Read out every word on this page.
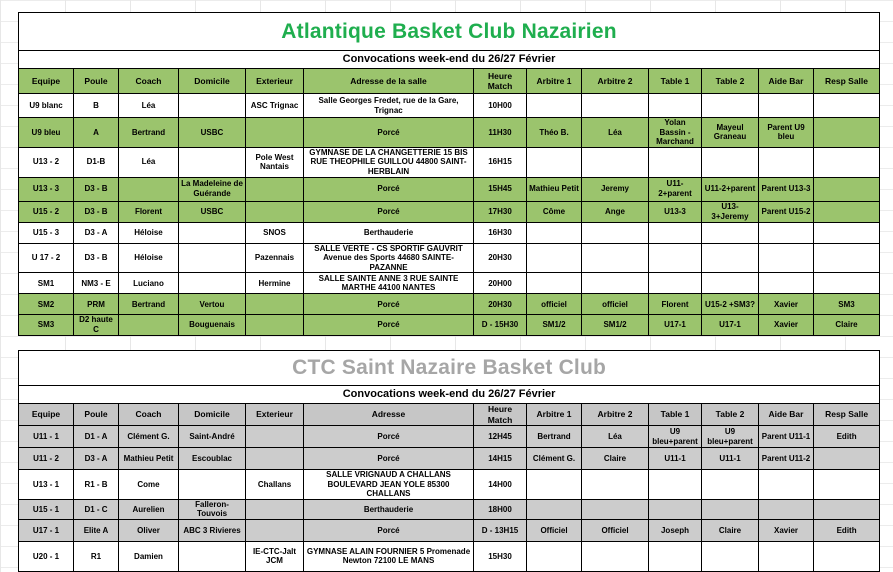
Atlantique Basket Club Nazairien												
Convocations week-end du 26/27 Février												
Equipe	Poule	Coach	Domicile	Exterieur	Adresse de la salle	Heure Match	Arbitre 1	Arbitre 2	Table 1	Table 2	Aide Bar	Resp Salle
U9 blanc	B	Léa		ASC Trignac	Salle Georges Fredet, rue de la Gare, Trignac	10H00						
U9 bleu	A	Bertrand	USBC		Porcé	11H30	Théo B.	Léa	Yolan Bassin - Marchand	Mayeul Graneau	Parent U9 bleu	
U13 - 2	D1-B	Léa		Pole West Nantais	GYMNASE DE LA CHANGETTERIE 15 BIS RUE THEOPHILE GUILLOU 44800 SAINT-HERBLAIN	16H15						
U13 - 3	D3 - B		La Madeleine de Guérande		Porcé	15H45	Mathieu Petit	Jeremy	U11-2+parent	U11-2+parent	Parent U13-3	
U15 - 2	D3 - B	Florent	USBC		Porcé	17H30	Côme	Ange	U13-3	U13-3+Jeremy	Parent U15-2	
U15 - 3	D3 - A	Héloise		SNOS	Berthauderie	16H30						
U 17 - 2	D3 - B	Héloise		Pazennais	SALLE VERTE - CS SPORTIF GAUVRIT Avenue des Sports 44680 SAINTE-PAZANNE	20H30						
SM1	NM3 - E	Luciano		Hermine	SALLE SAINTE ANNE 3 RUE SAINTE MARTHE 44100 NANTES	20H00						
SM2	PRM	Bertrand	Vertou		Porcé	20H30	officiel	officiel	Florent	U15-2 +SM3?	Xavier	SM3
SM3	D2 haute C		Bouguenais		Porcé	D - 15H30	SM1/2	SM1/2	U17-1	U17-1	Xavier	Claire
CTC Saint Nazaire Basket Club												
Convocations week-end du 26/27 Février												
Equipe	Poule	Coach	Domicile	Exterieur	Adresse	Heure Match	Arbitre 1	Arbitre 2	Table 1	Table 2	Aide Bar	Resp Salle
U11 - 1	D1 - A	Clément G.	Saint-André		Porcé	12H45	Bertrand	Léa	U9 bleu+parent	U9 bleu+parent	Parent U11-1	Edith
U11 - 2	D3 - A	Mathieu Petit	Escoublac		Porcé	14H15	Clément G.	Claire	U11-1	U11-1	Parent U11-2	
U13 - 1	R1 - B	Come		Challans	SALLE VRIGNAUD A CHALLANS BOULEVARD JEAN YOLE 85300 CHALLANS	14H00						
U15 - 1	D1 - C	Aurelien	Falleron-Touvois		Berthauderie	18H00						
U17 - 1	Elite A	Oliver	ABC 3 Rivieres		Porcé	D - 13H15	Officiel	Officiel	Joseph	Claire	Xavier	Edith
U20 - 1	R1	Damien		IE-CTC-Jalt JCM	GYMNASE ALAIN FOURNIER 5 Promenade Newton 72100 LE MANS	15H30						
